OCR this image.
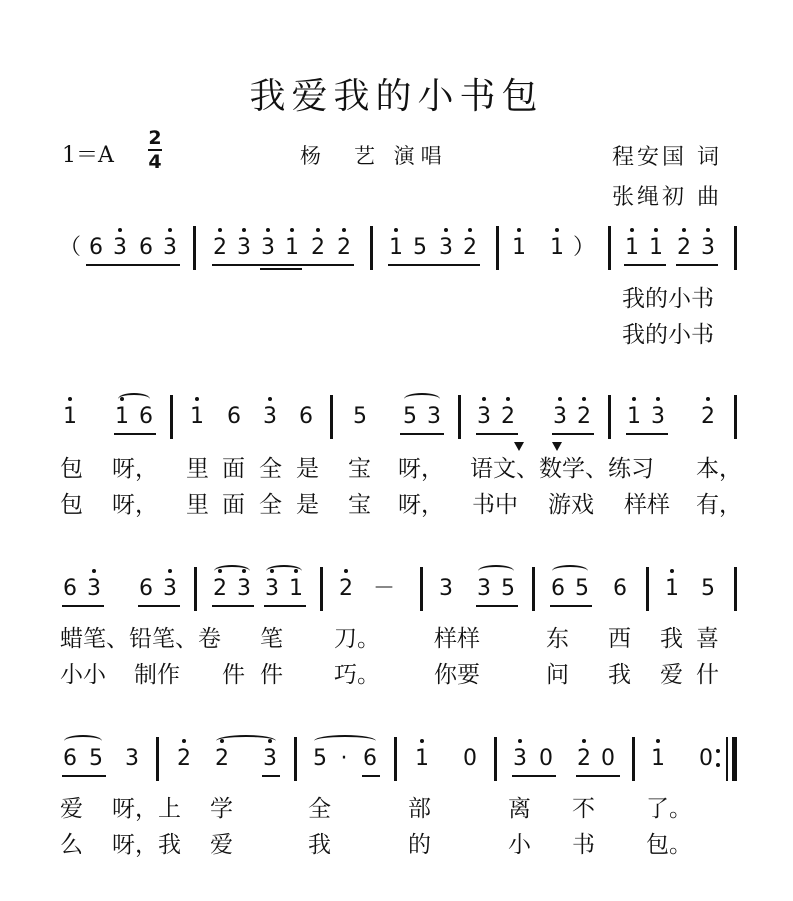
我爱我的小书包
1＝A
2
4	杨　艺 演唱	程安国 词
张绳初 曲
（ 6 3 6 3 2 3 3 1 2 2 1 5 3 2 1 1 ） 1 1 2 3
我的小书
我的小书
1 1 6 1 6 3 6 5 5 3 3 2 3 2 1 3 2
包 呀， 里 面 全 是 宝 呀， 语文、数学、练习 本，
包 呀， 里 面 全 是 宝 呀， 书中 游戏 样样 有，
6 3 6 3 2 3 3 1 2 － 3 3 5 6 5 6 1 5
蜡笔、铅笔、卷 笔 刀。 样样	东 西 我 喜
小小 制作 件 件 巧。 你要	问 我 爱 什
6 5 3 2 2 3 5 · 6 1 0 3 0 2 0 1 0
爱 呀，上 学	全	部	离 不 了。
么 呀，我 爱	我	的	小 书 包。
